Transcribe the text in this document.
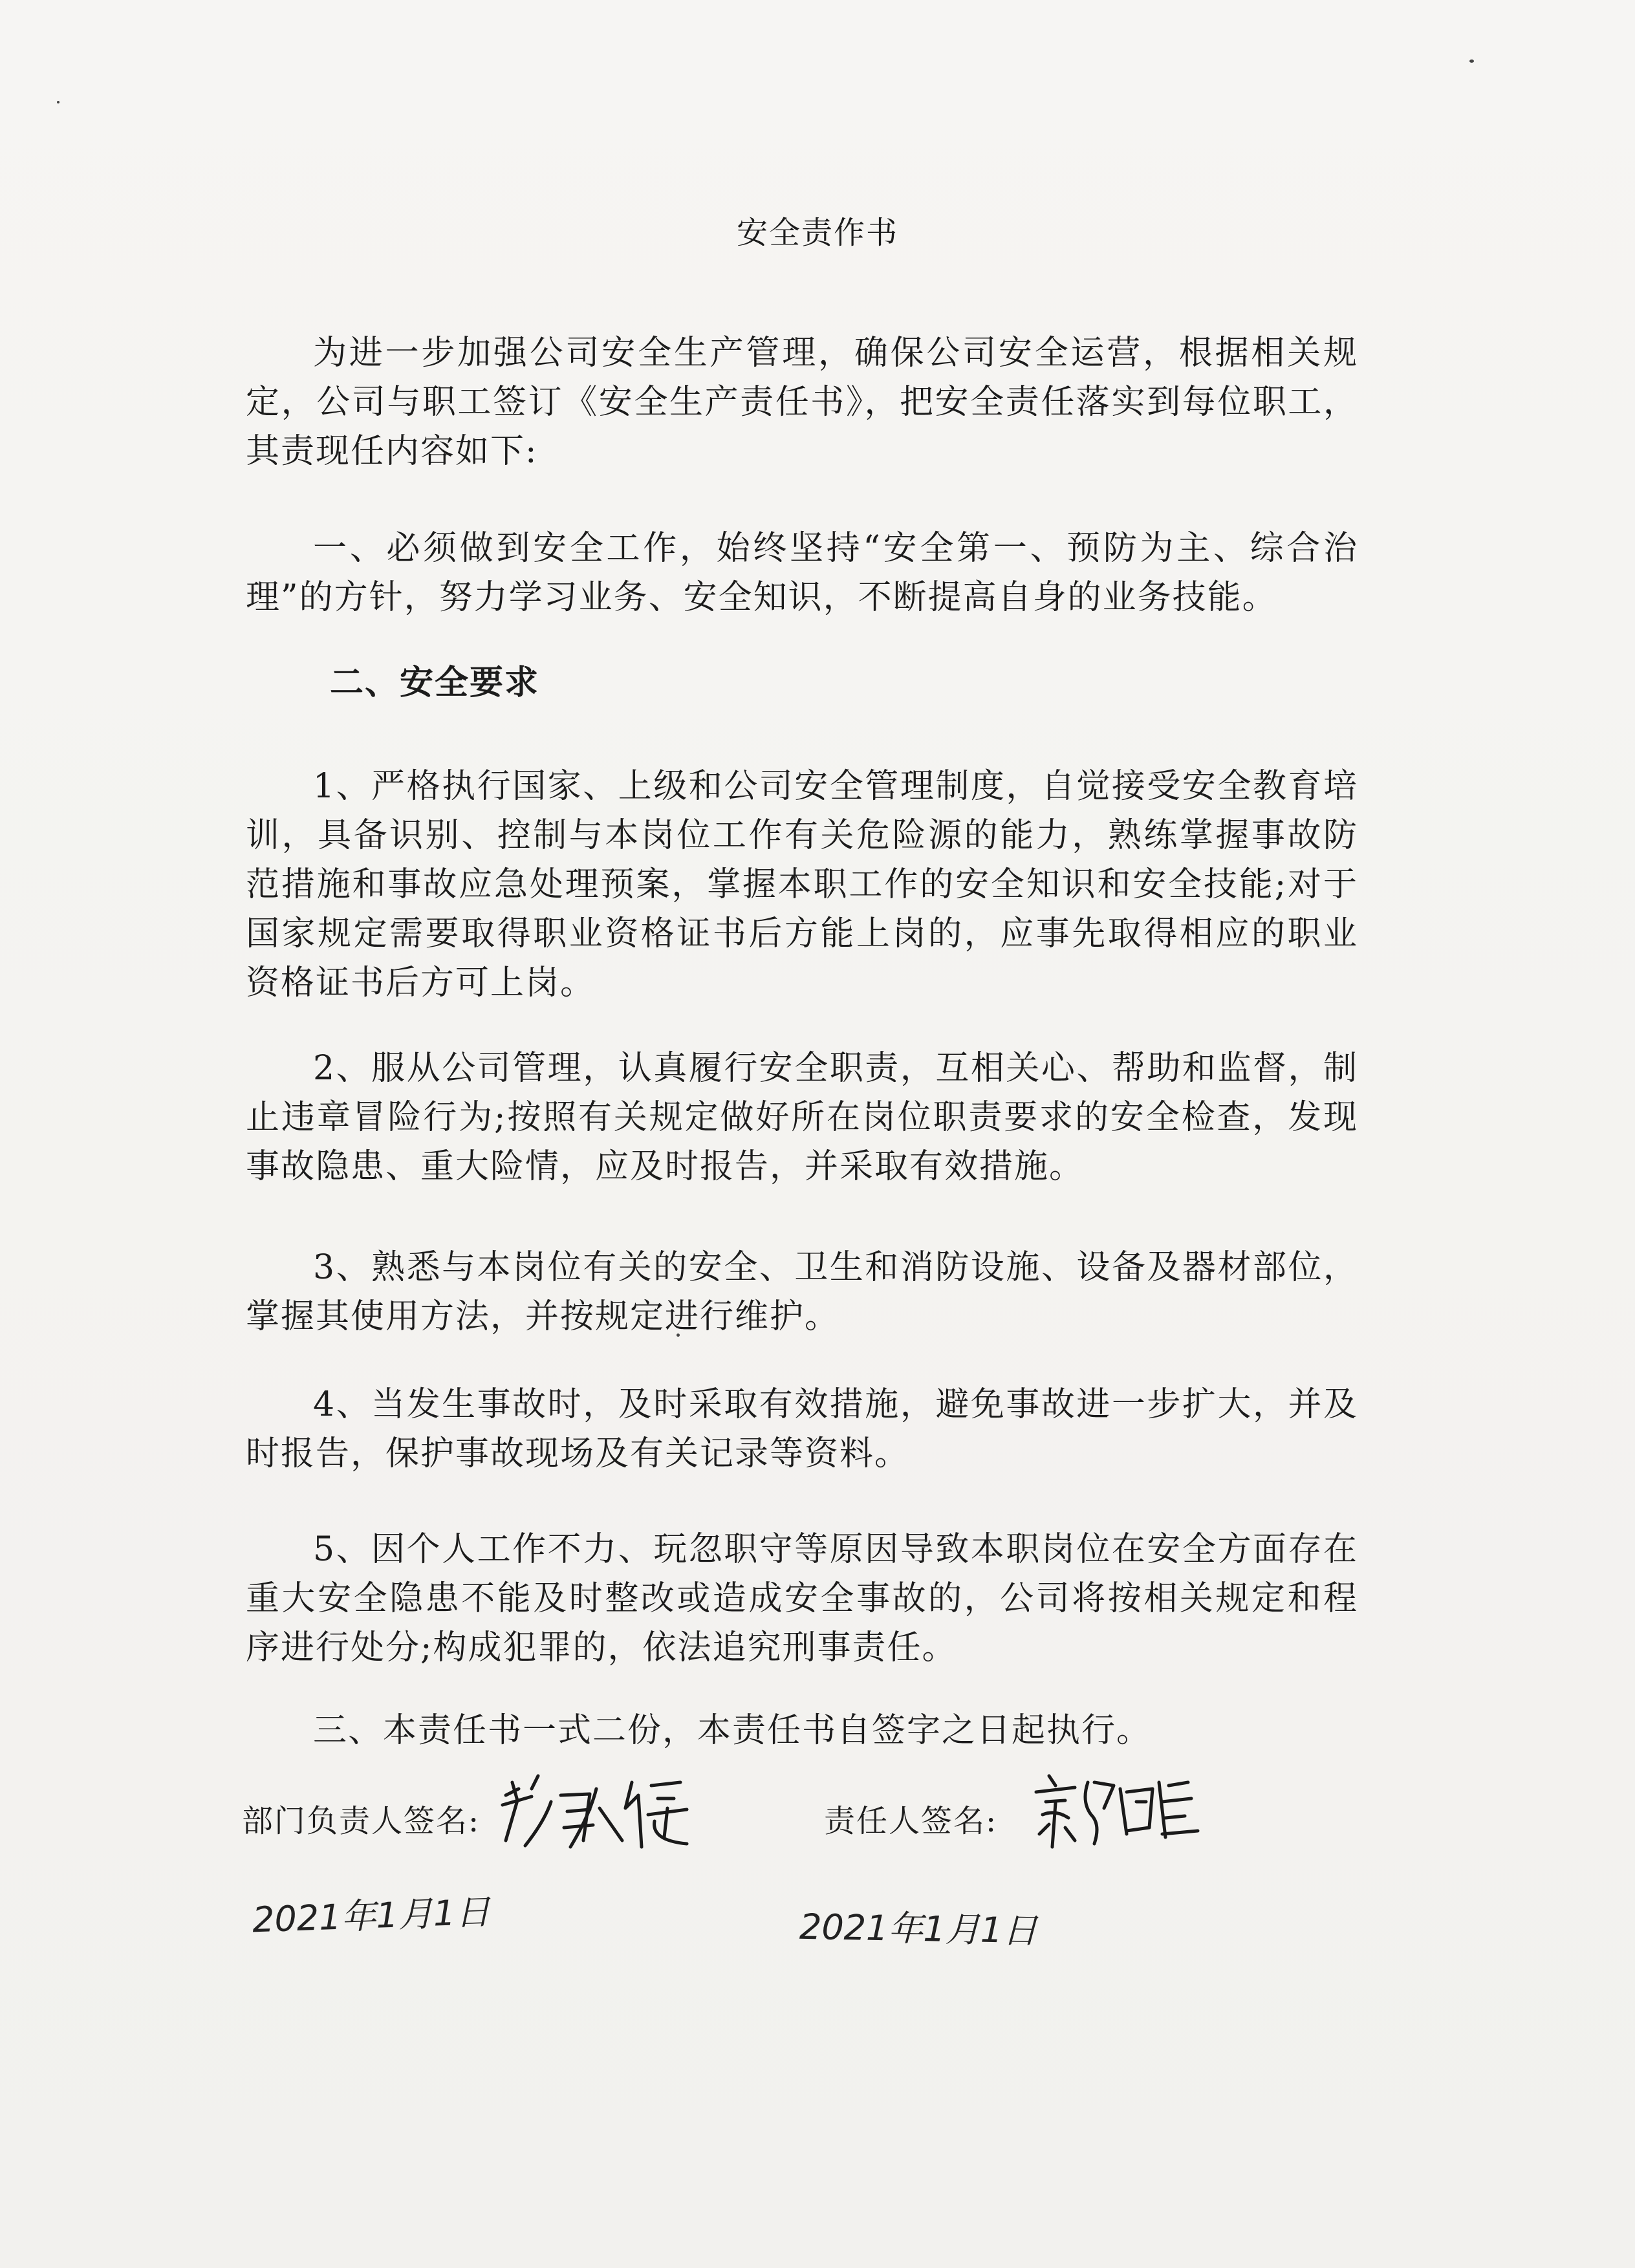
安全责作书
为进一步加强公司安全生产管理，确保公司安全运营，根据相关规定，公司与职工签订《安全生产责任书》，把安全责任落实到每位职工，其责现任内容如下:
一、必须做到安全工作，始终坚持“安全第一、预防为主、综合治理”的方针，努力学习业务、安全知识，不断提高自身的业务技能。
二、安全要求
1、严格执行国家、上级和公司安全管理制度，自觉接受安全教育培训，具备识别、控制与本岗位工作有关危险源的能力，熟练掌握事故防范措施和事故应急处理预案，掌握本职工作的安全知识和安全技能;对于国家规定需要取得职业资格证书后方能上岗的，应事先取得相应的职业资格证书后方可上岗。
2、服从公司管理，认真履行安全职责，互相关心、帮助和监督，制止违章冒险行为;按照有关规定做好所在岗位职责要求的安全检查，发现事故隐患、重大险情，应及时报告，并采取有效措施。
3、熟悉与本岗位有关的安全、卫生和消防设施、设备及器材部位，掌握其使用方法，并按规定进行维护。
4、当发生事故时，及时采取有效措施，避免事故进一步扩大，并及时报告，保护事故现场及有关记录等资料。
5、因个人工作不力、玩忽职守等原因导致本职岗位在安全方面存在重大安全隐患不能及时整改或造成安全事故的，公司将按相关规定和程序进行处分;构成犯罪的，依法追究刑事责任。
三、本责任书一式二份，本责任书自签字之日起执行。
部门负责人签名:	责任人签名:
2021年1月1日	2021年1月1日
